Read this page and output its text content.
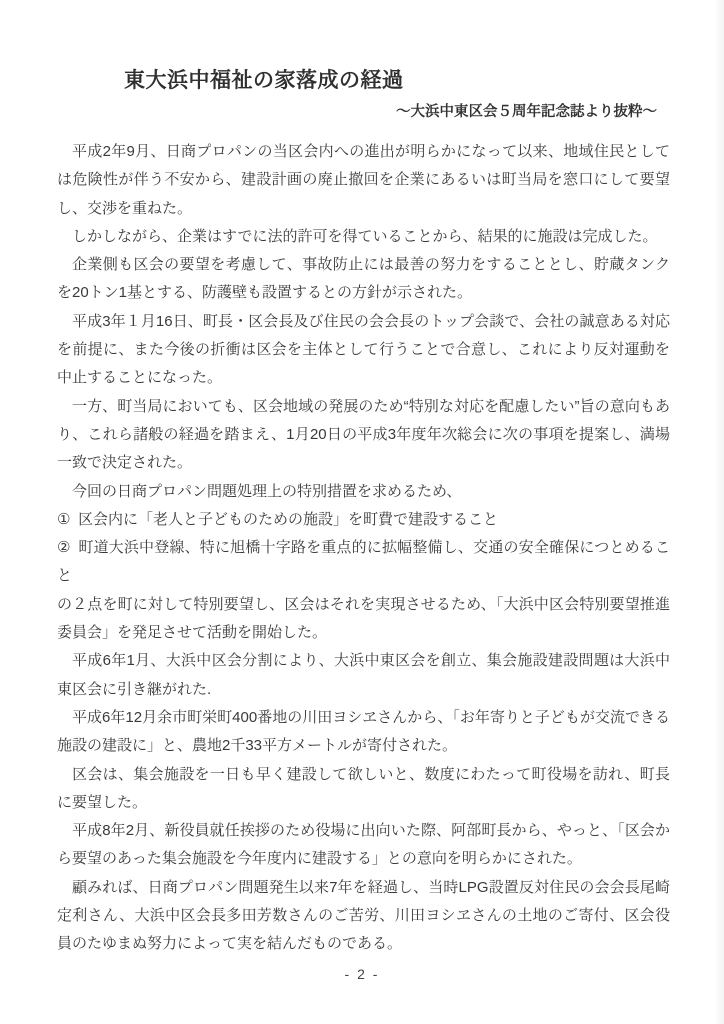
東大浜中福祉の家落成の経過
～大浜中東区会５周年記念誌より抜粋～

平成2年9月、日商プロパンの当区会内への進出が明らかになって以来、地域住民としては危険性が伴う不安から、建設計画の廃止撤回を企業にあるいは町当局を窓口にして要望し、交渉を重ねた。

しかしながら、企業はすでに法的許可を得ていることから、結果的に施設は完成した。

企業側も区会の要望を考慮して、事故防止には最善の努力をすることとし、貯蔵タンクを20トン1基とする、防護壁も設置するとの方針が示された。

平成3年１月16日、町長・区会長及び住民の会会長のトップ会談で、会社の誠意ある対応を前提に、また今後の折衝は区会を主体として行うことで合意し、これにより反対運動を中止することになった。

一方、町当局においても、区会地域の発展のため“特別な対応を配慮したい”旨の意向もあり、これら諸般の経過を踏まえ、1月20日の平成3年度年次総会に次の事項を提案し、満場一致で決定された。

今回の日商プロパン問題処理上の特別措置を求めるため、

① 区会内に「老人と子どものための施設」を町費で建設すること

② 町道大浜中登線、特に旭橋十字路を重点的に拡幅整備し、交通の安全確保につとめること

の２点を町に対して特別要望し、区会はそれを実現させるため、「大浜中区会特別要望推進委員会」を発足させて活動を開始した。

平成6年1月、大浜中区会分割により、大浜中東区会を創立、集会施設建設問題は大浜中東区会に引き継がれた.

平成6年12月余市町栄町400番地の川田ヨシヱさんから、「お年寄りと子どもが交流できる施設の建設に」と、農地2千33平方メートルが寄付された。

区会は、集会施設を一日も早く建設して欲しいと、数度にわたって町役場を訪れ、町長に要望した。

平成8年2月、新役員就任挨拶のため役場に出向いた際、阿部町長から、やっと、「区会から要望のあった集会施設を今年度内に建設する」との意向を明らかにされた。

顧みれば、日商プロパン問題発生以来7年を経過し、当時LPG設置反対住民の会会長尾崎定利さん、大浜中区会長多田芳数さんのご苦労、川田ヨシヱさんの土地のご寄付、区会役員のたゆまぬ努力によって実を結んだものである。

- 2 -
